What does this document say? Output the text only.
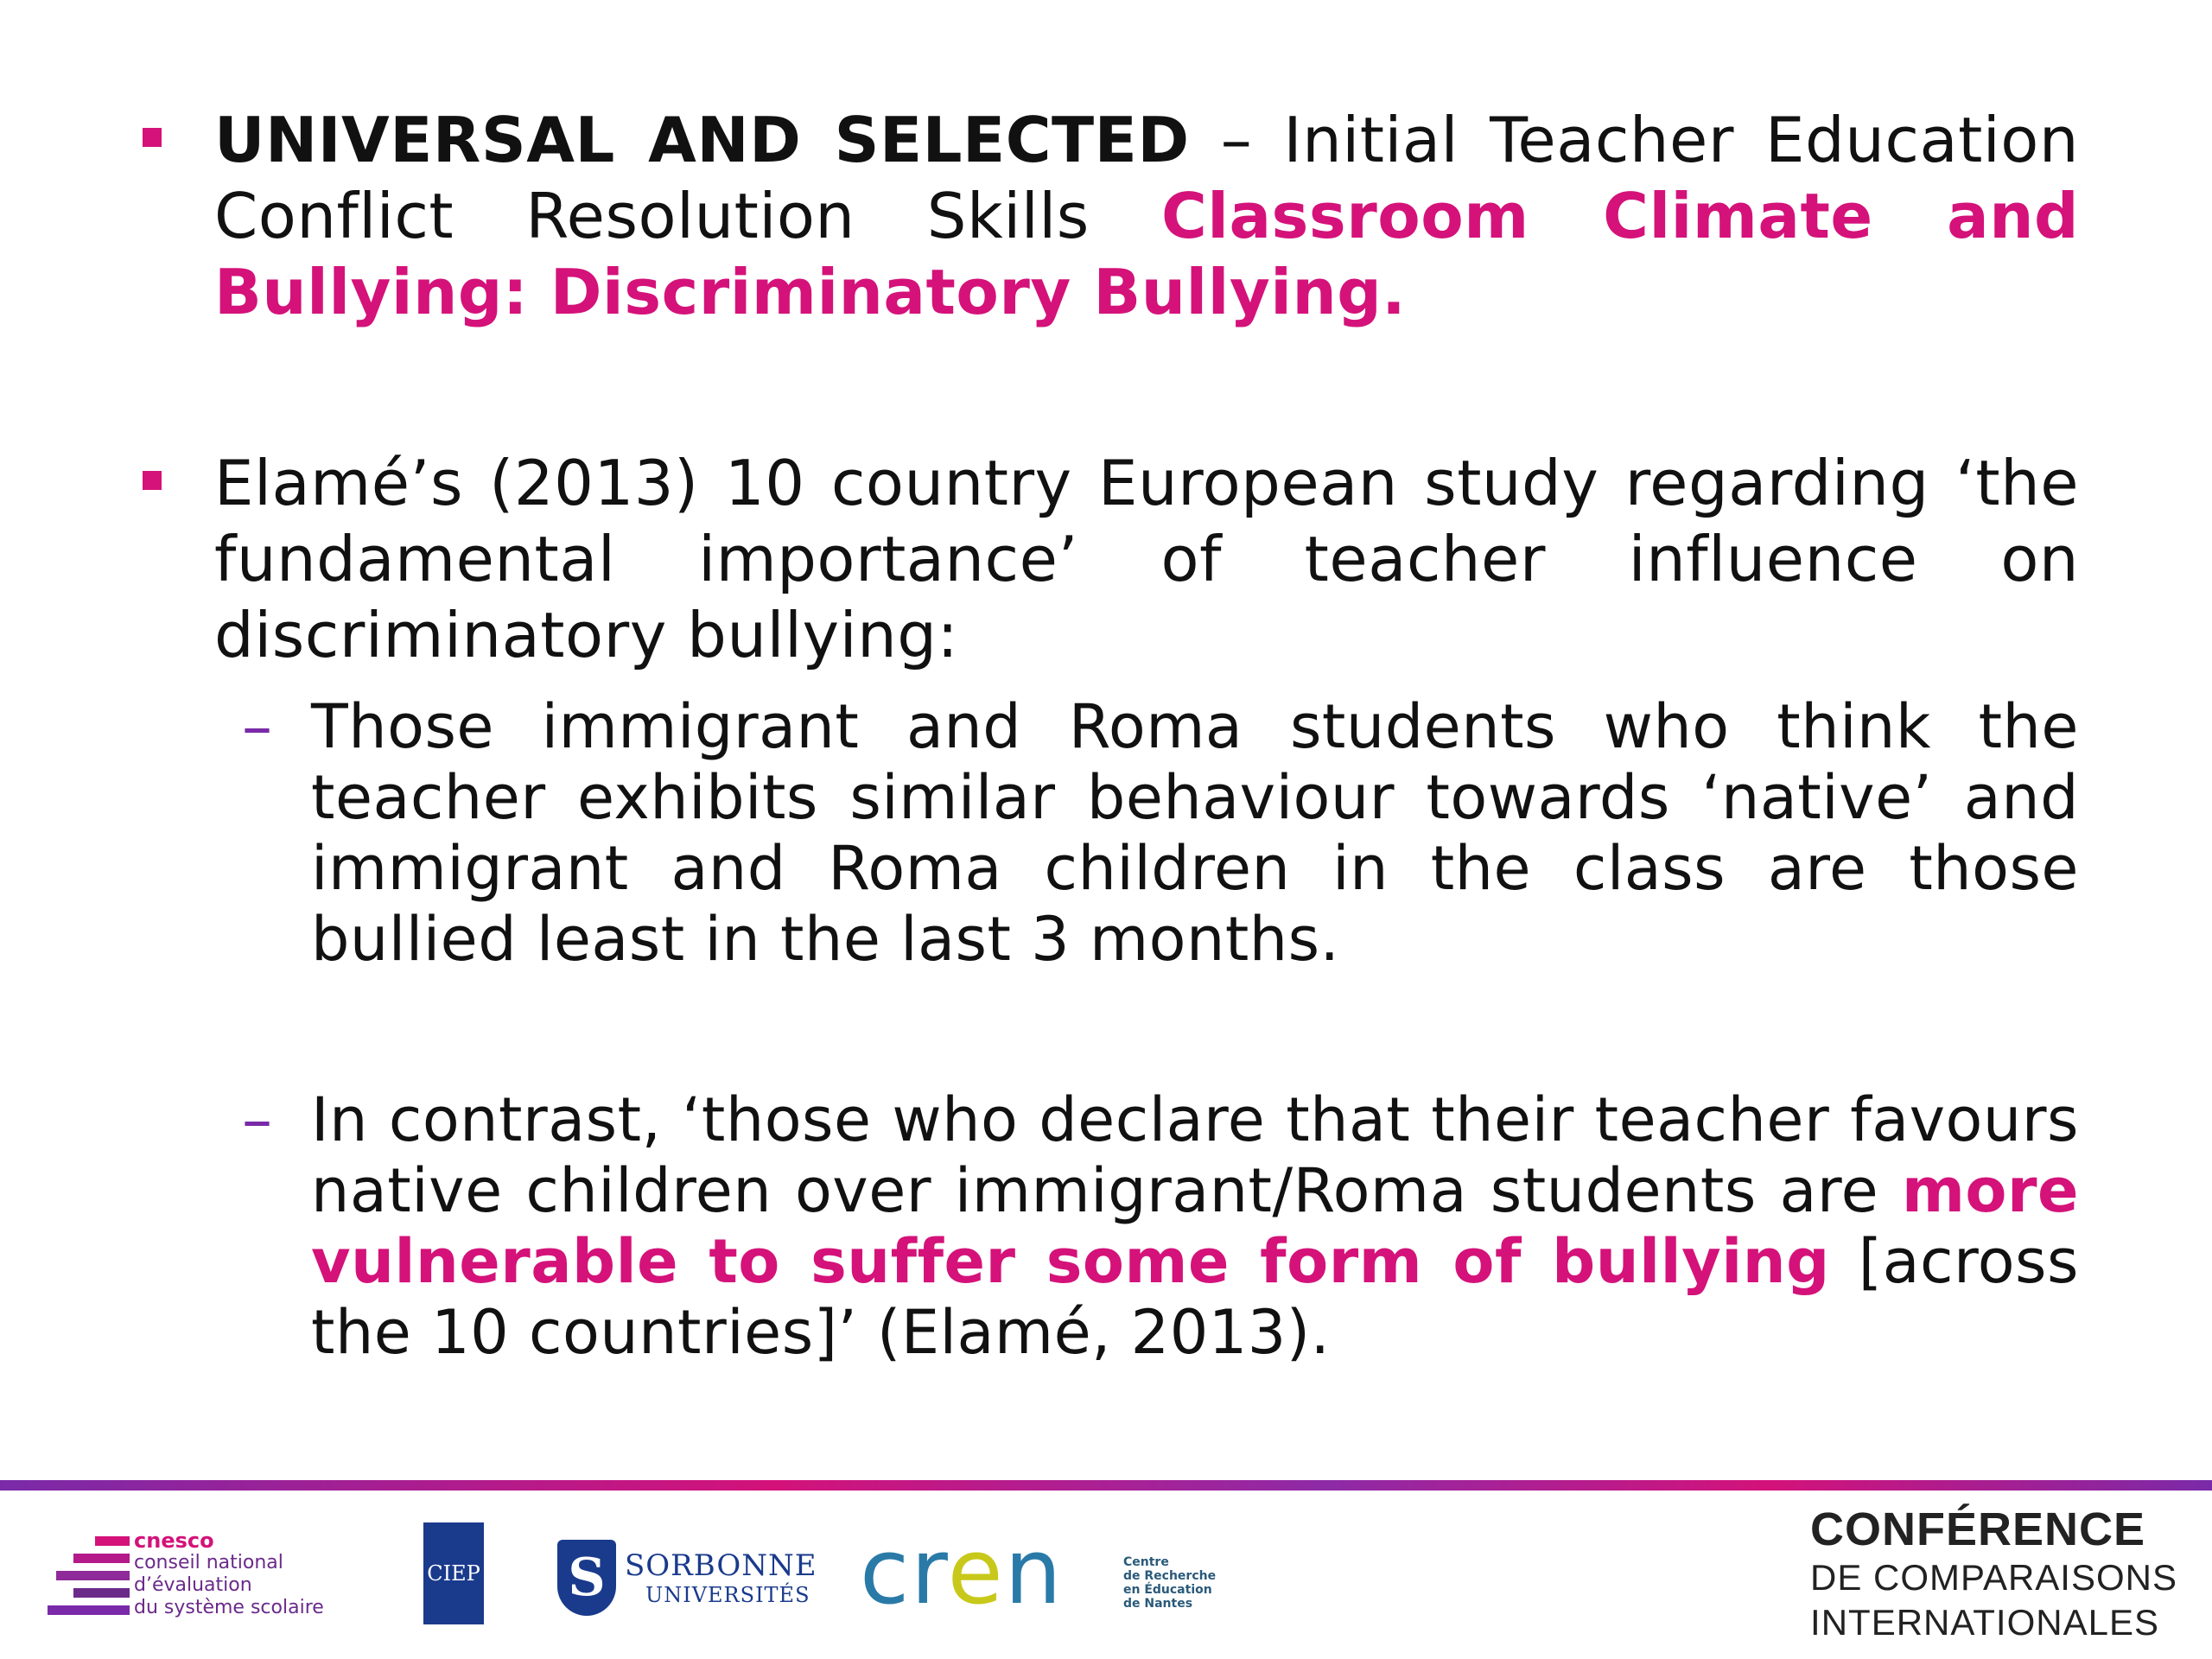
UNIVERSAL AND SELECTED – Initial Teacher Education Conflict Resolution Skills Classroom Climate and Bullying: Discriminatory Bullying.
Elamé’s (2013) 10 country European study regarding ‘the fundamental importance’ of teacher influence on discriminatory bullying:
– Those immigrant and Roma students who think the teacher exhibits similar behaviour towards ‘native’ and immigrant and Roma children in the class are those bullied least in the last 3 months.
– In contrast, ‘those who declare that their teacher favours native children over immigrant/Roma students are more vulnerable to suffer some form of bullying [across the 10 countries]’ (Elamé, 2013).
cnesco
conseil national
d’évaluation
du système scolaire
CIEP S SORBONNE
UNIVERSITÉS cren	Centre
de Recherche
en Éducation
de Nantes
CONFÉRENCE
DE COMPARAISONS
INTERNATIONALES
